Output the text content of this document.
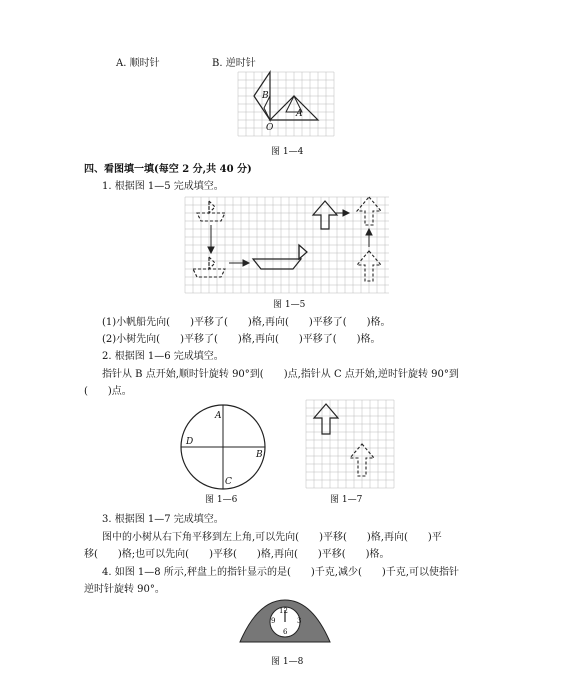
A. 顺时针	B. 逆时针
B
A
O
图 1—4
四、看图填一填(每空 2 分,共 40 分)
1. 根据图 1—5 完成填空。
图 1—5
(1)小帆船先向(　　)平移了(　　)格,再向(　　)平移了(　　)格。
(2)小树先向(　　)平移了(　　)格,再向(　　)平移了(　　)格。
2. 根据图 1—6 完成填空。
指针从 B 点开始,顺时针旋转 90°到(　　)点,指针从 C 点开始,逆时针旋转 90°到
(　　)点。
A
D
B
C
图 1—6	图 1—7
3. 根据图 1—7 完成填空。
图中的小树从右下角平移到左上角,可以先向(　　)平移(　　)格,再向(　　)平
移(　　)格;也可以先向(　　)平移(　　)格,再向(　　)平移(　　)格。
4. 如图 1—8 所示,秤盘上的指针显示的是(　　)千克,减少(　　)千克,可以使指针
逆时针旋转 90°。
12
3
6
9
图 1—8
